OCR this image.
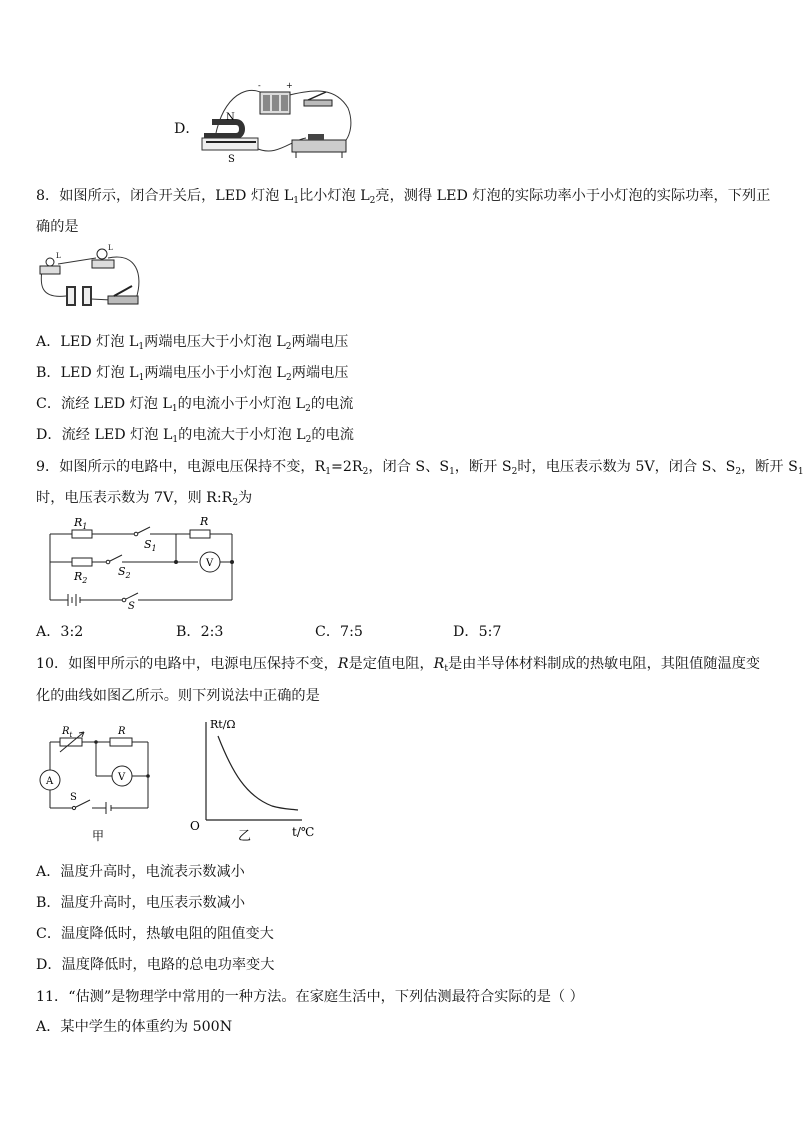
D．
-	+
N
S
8．如图所示，闭合开关后，LED 灯泡 $L_1$比小灯泡 $L_2$亮，测得 LED 灯泡的实际功率小于小灯泡的实际功率，下列正
确的是
L
L
A．LED 灯泡 $L_1$两端电压大于小灯泡 $L_2$两端电压
B．LED 灯泡 $L_1$两端电压小于小灯泡 $L_2$两端电压
C．流经 LED 灯泡 $L_1$的电流小于小灯泡 $L_2$的电流
D．流经 LED 灯泡 $L_1$的电流大于小灯泡 $L_2$的电流
9．如图所示的电路中，电源电压保持不变，$R_1=2R_2$，闭合 S、$S_1$，断开 $S_2$时，电压表示数为 5V，闭合 S、$S_2$，断开 $S_1$
时，电压表示数为 7V，则 $R:R_2$为
$R_1$	R
$S_1$
$R_2$
$S_2$
V
S
A．3:2	B．2:3	C．7:5	D．5:7
10．如图甲所示的电路中，电源电压保持不变，R是定值电阻，$R_t$是由半导体材料制成的热敏电阻，其阻值随温度变
化的曲线如图乙所示。则下列说法中正确的是
$R_t$	R
A	V
S
甲
Rt/Ω
O	t/℃
乙
A．温度升高时，电流表示数减小
B．温度升高时，电压表示数减小
C．温度降低时，热敏电阻的阻值变大
D．温度降低时，电路的总电功率变大
11．“估测”是物理学中常用的一种方法。在家庭生活中，下列估测最符合实际的是（ ）
A．某中学生的体重约为 500N
